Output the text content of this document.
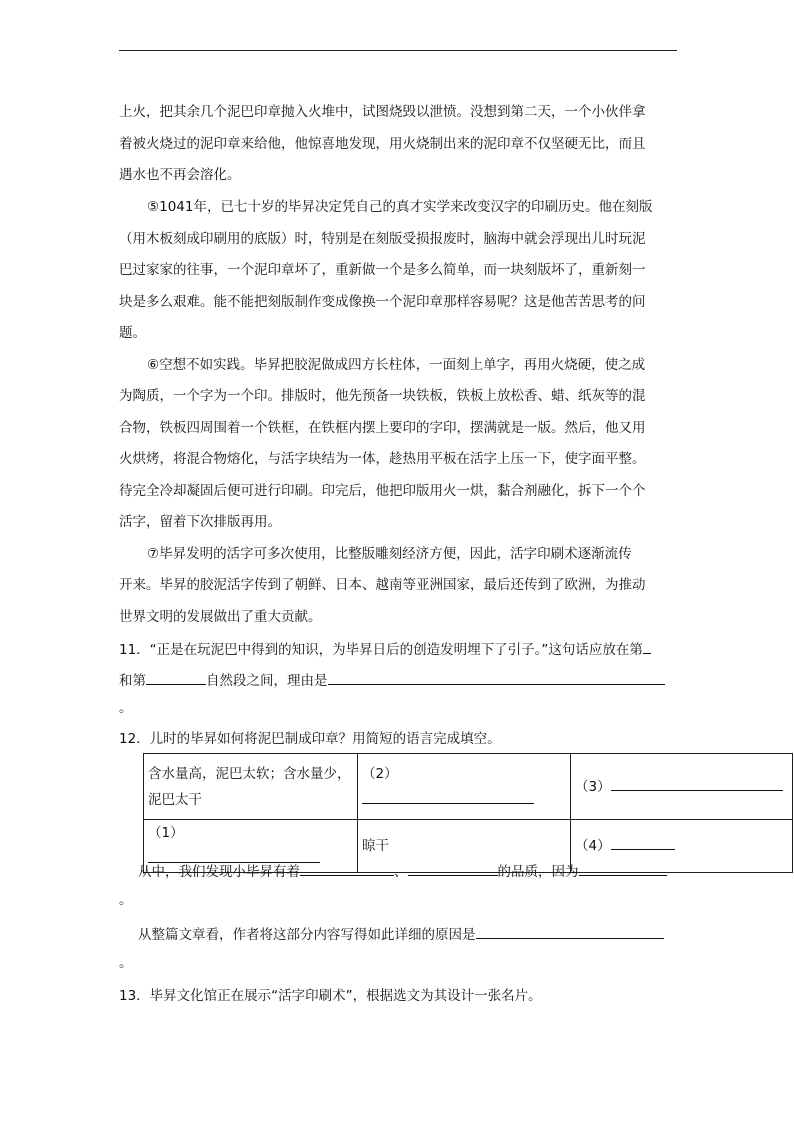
上火，把其余几个泥巴印章抛入火堆中，试图烧毁以泄愤。没想到第二天，一个小伙伴拿
着被火烧过的泥印章来给他，他惊喜地发现，用火烧制出来的泥印章不仅坚硬无比，而且
遇水也不再会溶化。
⑤1041年，已七十岁的毕昇决定凭自己的真才实学来改变汉字的印刷历史。他在刻版
（用木板刻成印刷用的底版）时，特别是在刻版受损报废时，脑海中就会浮现出儿时玩泥
巴过家家的往事，一个泥印章坏了，重新做一个是多么简单，而一块刻版坏了，重新刻一
块是多么艰难。能不能把刻版制作变成像换一个泥印章那样容易呢？这是他苦苦思考的问
题。
⑥空想不如实践。毕昇把胶泥做成四方长柱体，一面刻上单字，再用火烧硬，使之成
为陶质，一个字为一个印。排版时，他先预备一块铁板，铁板上放松香、蜡、纸灰等的混
合物，铁板四周围着一个铁框，在铁框内摆上要印的字印，摆满就是一版。然后，他又用
火烘烤，将混合物熔化，与活字块结为一体，趁热用平板在活字上压一下，使字面平整。
待完全冷却凝固后便可进行印刷。印完后，他把印版用火一烘，黏合剂融化，拆下一个个
活字，留着下次排版再用。
⑦毕昇发明的活字可多次使用，比整版雕刻经济方便，因此，活字印刷术逐渐流传
开来。毕昇的胶泥活字传到了朝鲜、日本、越南等亚洲国家，最后还传到了欧洲，为推动
世界文明的发展做出了重大贡献。
11．“正是在玩泥巴中得到的知识，为毕昇日后的创造发明埋下了引子。”这句话应放在第
和第	自然段之间，理由是
。
12．儿时的毕昇如何将泥巴制成印章？用简短的语言完成填空。
含水量高，泥巴太软；含水量少，
泥巴太干	（2）	（3）
（1）	晾干	（4）
从中，我们发现小毕昇有着	、	的品质，因为
。
从整篇文章看，作者将这部分内容写得如此详细的原因是
。
13．毕昇文化馆正在展示“活字印刷术”，根据选文为其设计一张名片。
